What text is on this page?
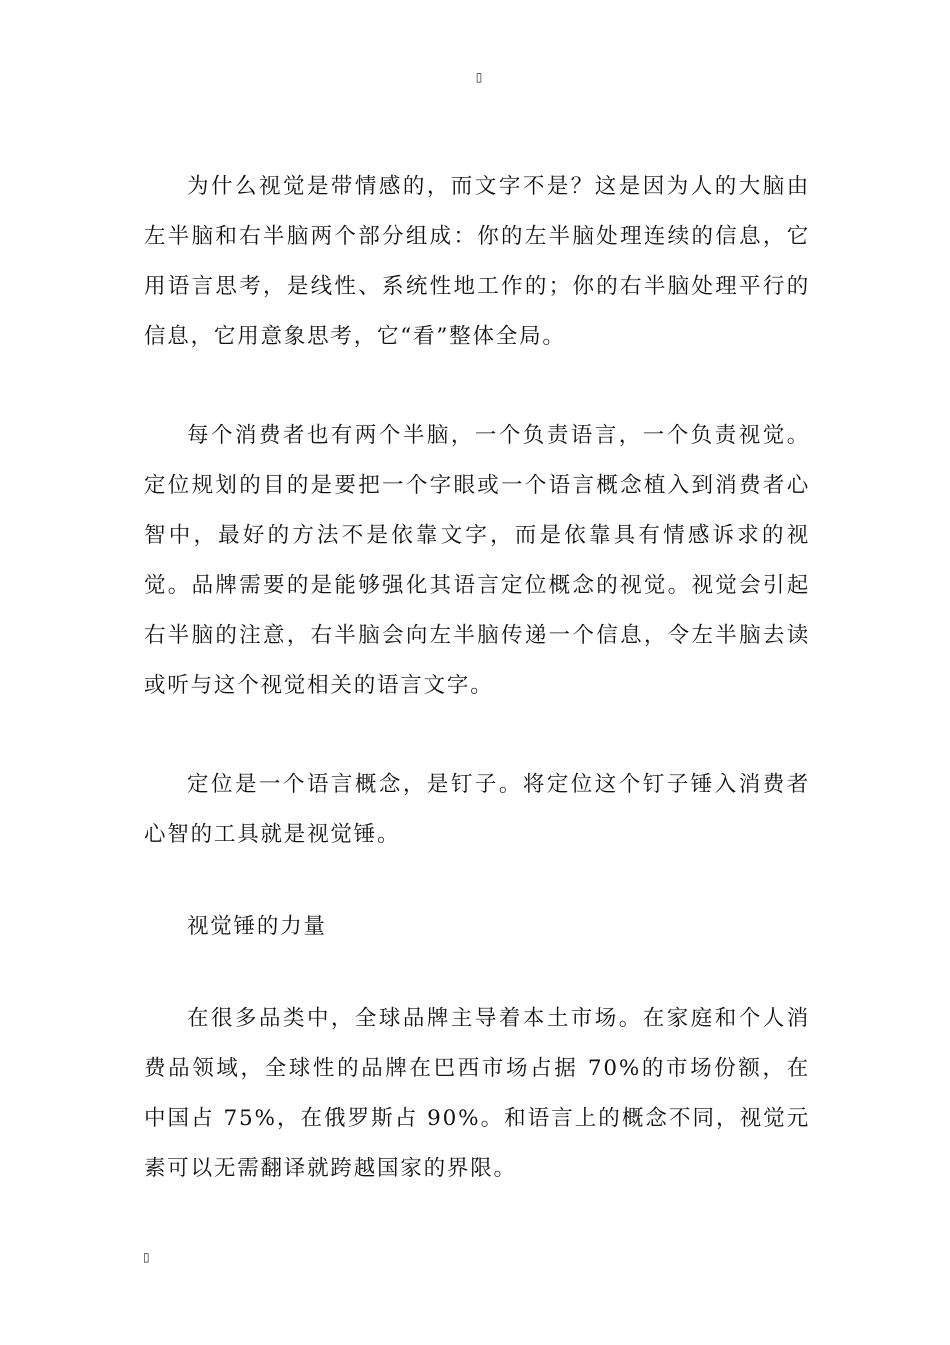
▯

为什么视觉是带情感的，而文字不是？这是因为人的大脑由左半脑和右半脑两个部分组成：你的左半脑处理连续的信息，它用语言思考，是线性、系统性地工作的；你的右半脑处理平行的信息，它用意象思考，它“看”整体全局。

每个消费者也有两个半脑，一个负责语言，一个负责视觉。定位规划的目的是要把一个字眼或一个语言概念植入到消费者心智中，最好的方法不是依靠文字，而是依靠具有情感诉求的视觉。品牌需要的是能够强化其语言定位概念的视觉。视觉会引起右半脑的注意，右半脑会向左半脑传递一个信息，令左半脑去读或听与这个视觉相关的语言文字。

定位是一个语言概念，是钉子。将定位这个钉子锤入消费者心智的工具就是视觉锤。

视觉锤的力量

在很多品类中，全球品牌主导着本土市场。在家庭和个人消费品领域，全球性的品牌在巴西市场占据 70%的市场份额，在中国占 75%，在俄罗斯占 90%。和语言上的概念不同，视觉元素可以无需翻译就跨越国家的界限。

▯
